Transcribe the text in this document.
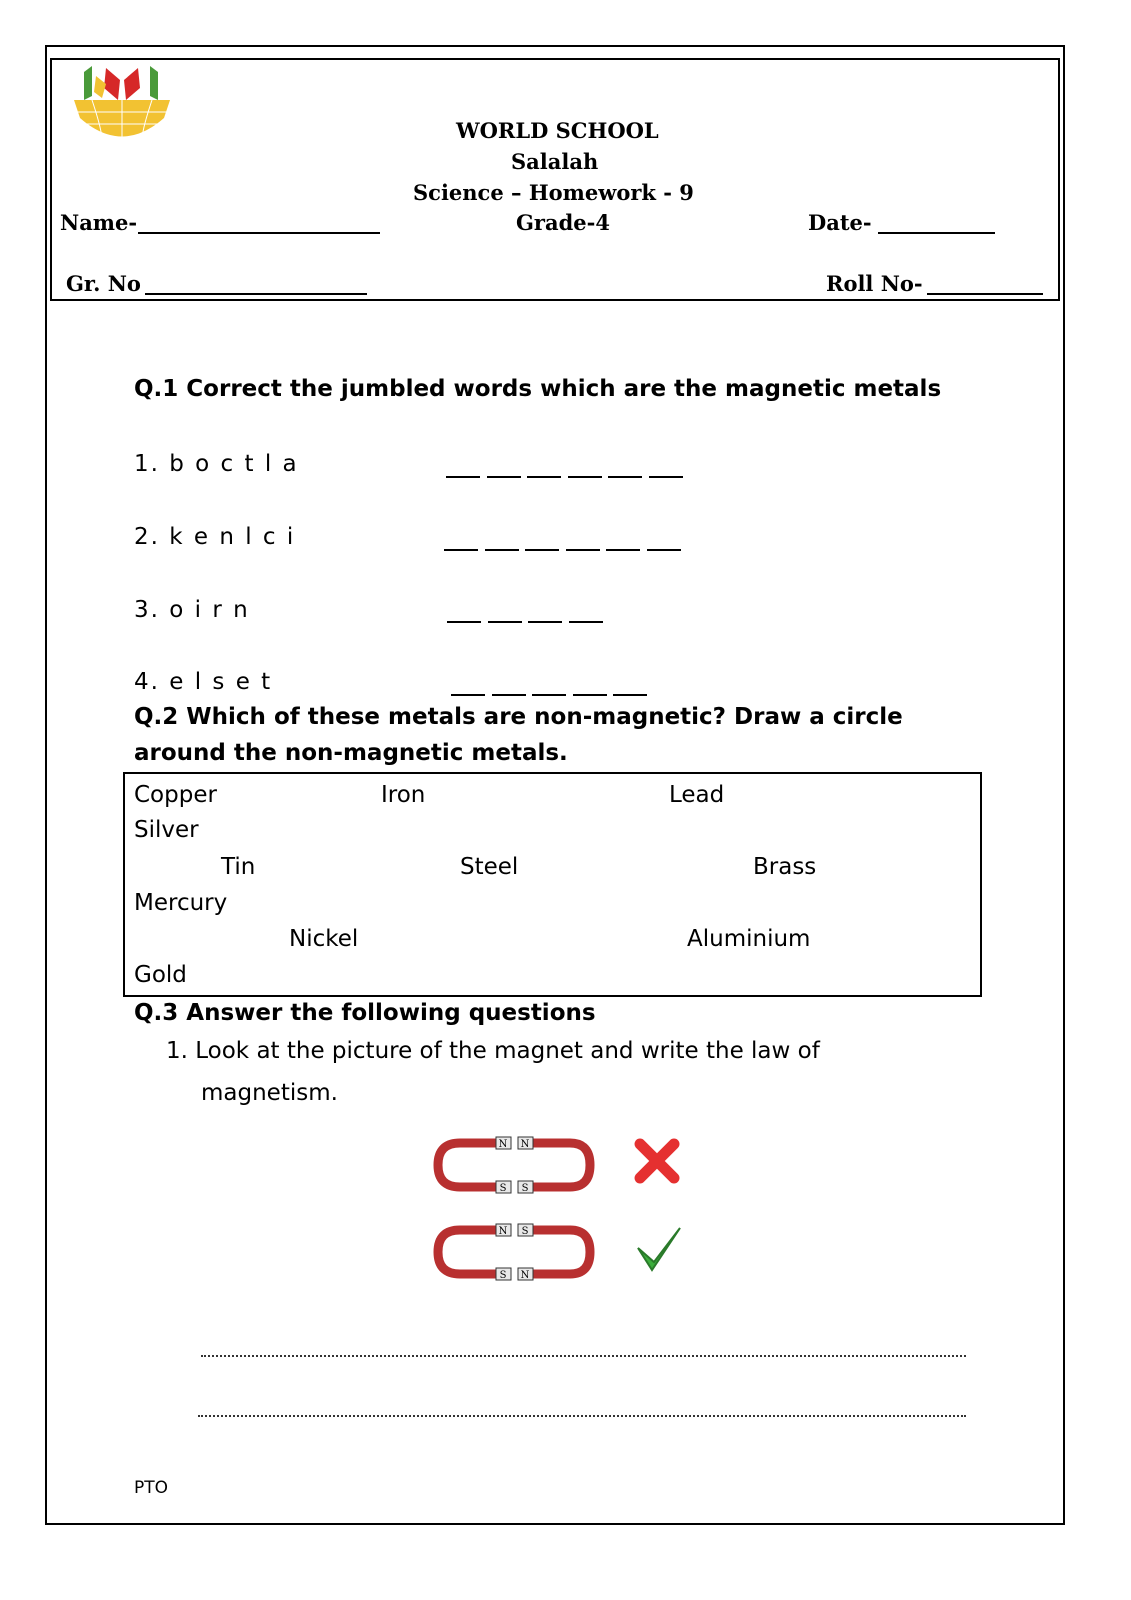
WORLD SCHOOL
Salalah
Science – Homework - 9
Grade-4
Name-	Date-
Gr. No	Roll No-
Q.1 Correct the jumbled words which are the magnetic metals
1. b o c t l a
2. k e n l c i
3. o i r n
4. e l s e t
Q.2 Which of these metals are non-magnetic? Draw a circle
around the non-magnetic metals.
Copper	Iron	Lead
Silver
Tin	Steel	Brass
Mercury
Nickel	Aluminium
Gold
Q.3 Answer the following questions
1. Look at the picture of the magnet and write the law of
magnetism.
N N
S S
N S
S N
PTO
